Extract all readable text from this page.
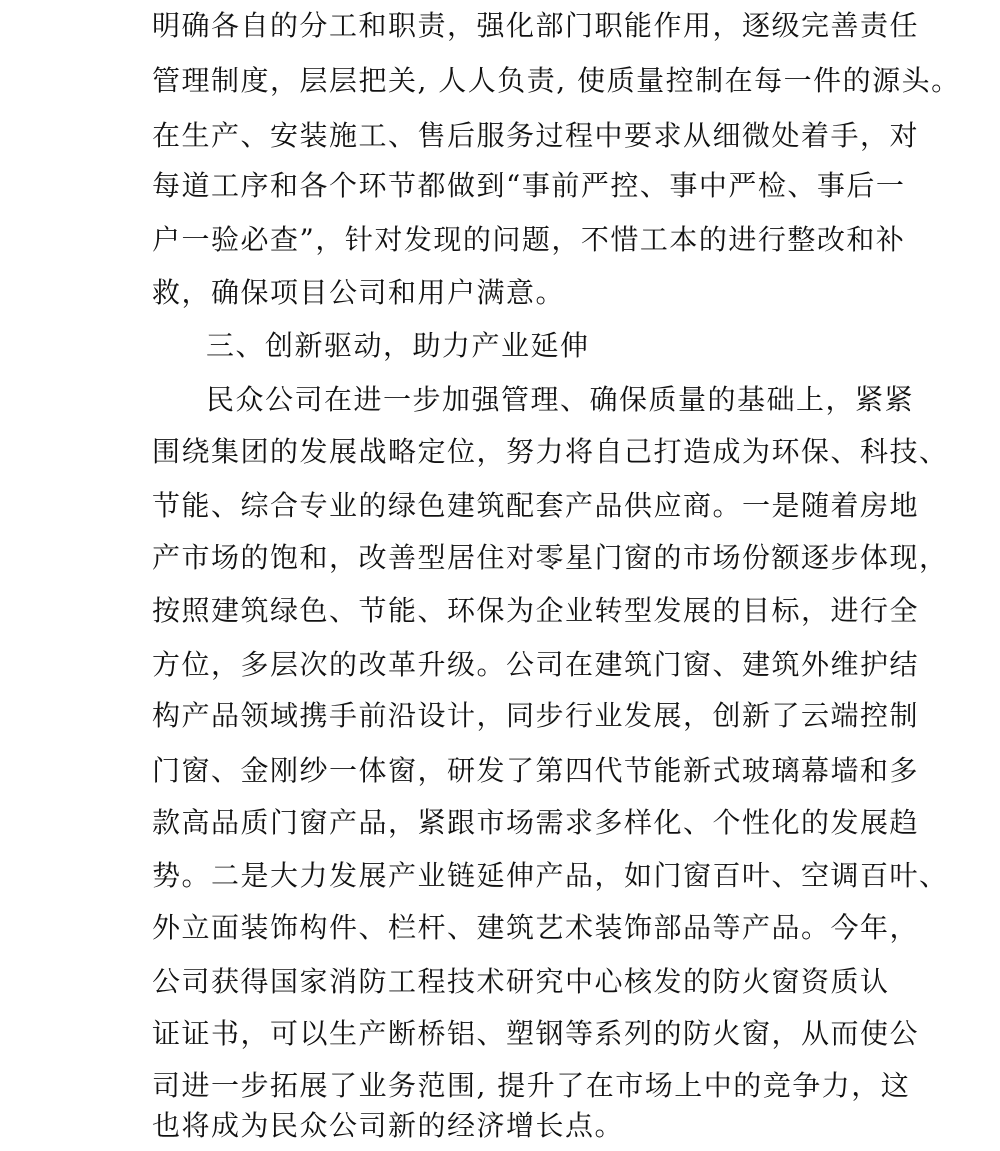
明确各自的分工和职责，强化部门职能作用，逐级完善责任
管理制度，层层把关, 人人负责, 使质量控制在每一件的源头。
在生产、安装施工、售后服务过程中要求从细微处着手，对
每道工序和各个环节都做到“事前严控、事中严检、事后一
户一验必查”，针对发现的问题，不惜工本的进行整改和补
救，确保项目公司和用户满意。
三、创新驱动，助力产业延伸
民众公司在进一步加强管理、确保质量的基础上，紧紧
围绕集团的发展战略定位，努力将自己打造成为环保、科技、
节能、综合专业的绿色建筑配套产品供应商。一是随着房地
产市场的饱和，改善型居住对零星门窗的市场份额逐步体现，
按照建筑绿色、节能、环保为企业转型发展的目标，进行全
方位，多层次的改革升级。公司在建筑门窗、建筑外维护结
构产品领域携手前沿设计，同步行业发展，创新了云端控制
门窗、金刚纱一体窗，研发了第四代节能新式玻璃幕墙和多
款高品质门窗产品，紧跟市场需求多样化、个性化的发展趋
势。二是大力发展产业链延伸产品，如门窗百叶、空调百叶、
外立面装饰构件、栏杆、建筑艺术装饰部品等产品。今年，
公司获得国家消防工程技术研究中心核发的防火窗资质认
证证书，可以生产断桥铝、塑钢等系列的防火窗，从而使公
司进一步拓展了业务范围, 提升了在市场上中的竞争力，这
也将成为民众公司新的经济增长点。
